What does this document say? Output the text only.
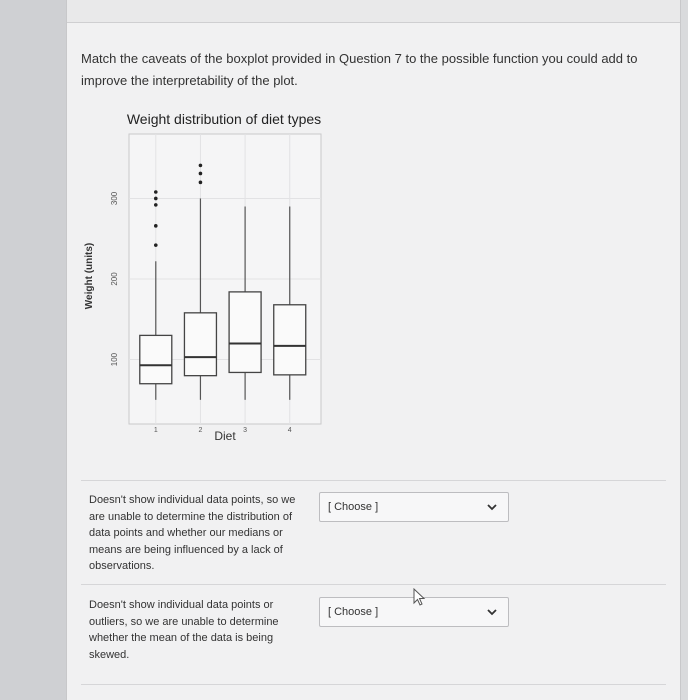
Match the caveats of the boxplot provided in Question 7 to the possible function you could add to improve the interpretability of the plot.

Weight distribution of diet types
100
200
300
1	2	3	4
Diet
Weight (units)
Doesn't show individual data points, so we are unable to determine the distribution of data points and whether our medians or means are being influenced by a lack of observations.
[ Choose ]
Doesn't show individual data points or outliers, so we are unable to determine whether the mean of the data is being skewed.
[ Choose ]
